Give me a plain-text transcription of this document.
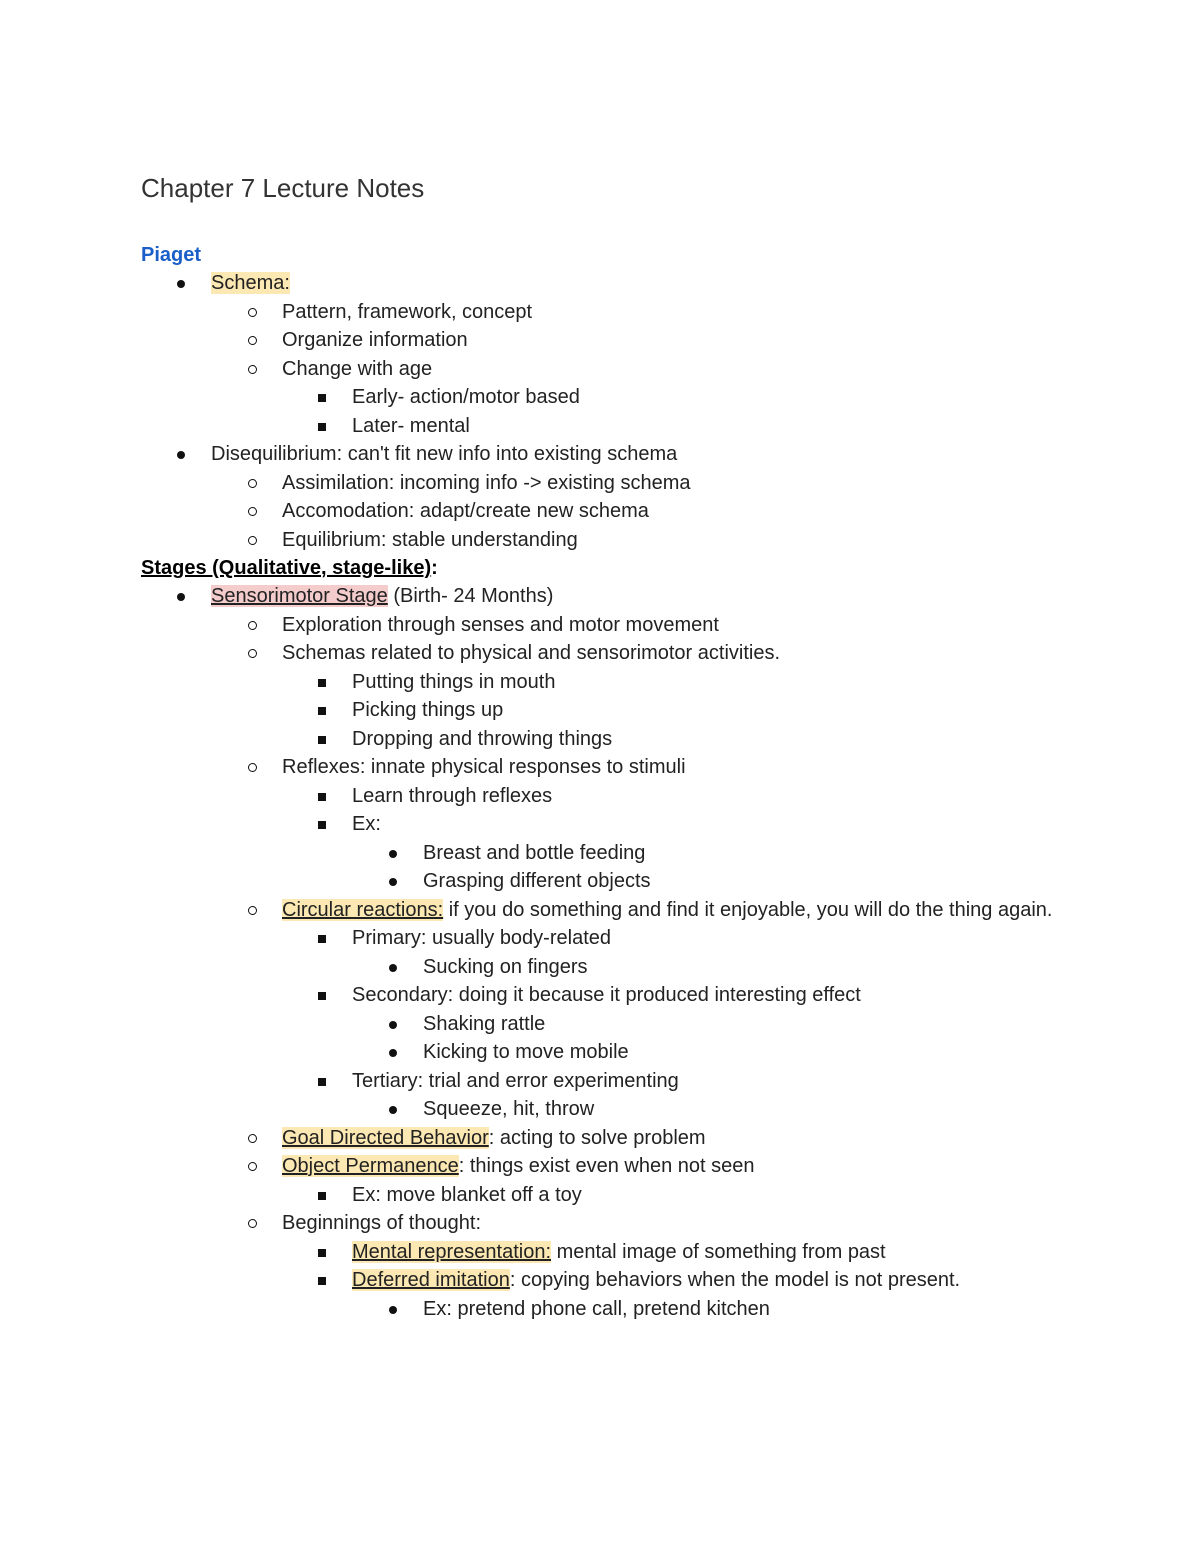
Chapter 7 Lecture Notes
Piaget
Schema:
Pattern, framework, concept
Organize information
Change with age
Early- action/motor based
Later- mental
Disequilibrium: can't fit new info into existing schema
Assimilation: incoming info -> existing schema
Accomodation: adapt/create new schema
Equilibrium: stable understanding
Stages (Qualitative, stage-like):
Sensorimotor Stage (Birth- 24 Months)
Exploration through senses and motor movement
Schemas related to physical and sensorimotor activities.
Putting things in mouth
Picking things up
Dropping and throwing things
Reflexes: innate physical responses to stimuli
Learn through reflexes
Ex:
Breast and bottle feeding
Grasping different objects
Circular reactions: if you do something and find it enjoyable, you will do the thing again.
Primary: usually body-related
Sucking on fingers
Secondary: doing it because it produced interesting effect
Shaking rattle
Kicking to move mobile
Tertiary: trial and error experimenting
Squeeze, hit, throw
Goal Directed Behavior: acting to solve problem
Object Permanence: things exist even when not seen
Ex: move blanket off a toy
Beginnings of thought:
Mental representation: mental image of something from past
Deferred imitation: copying behaviors when the model is not present.
Ex: pretend phone call, pretend kitchen
